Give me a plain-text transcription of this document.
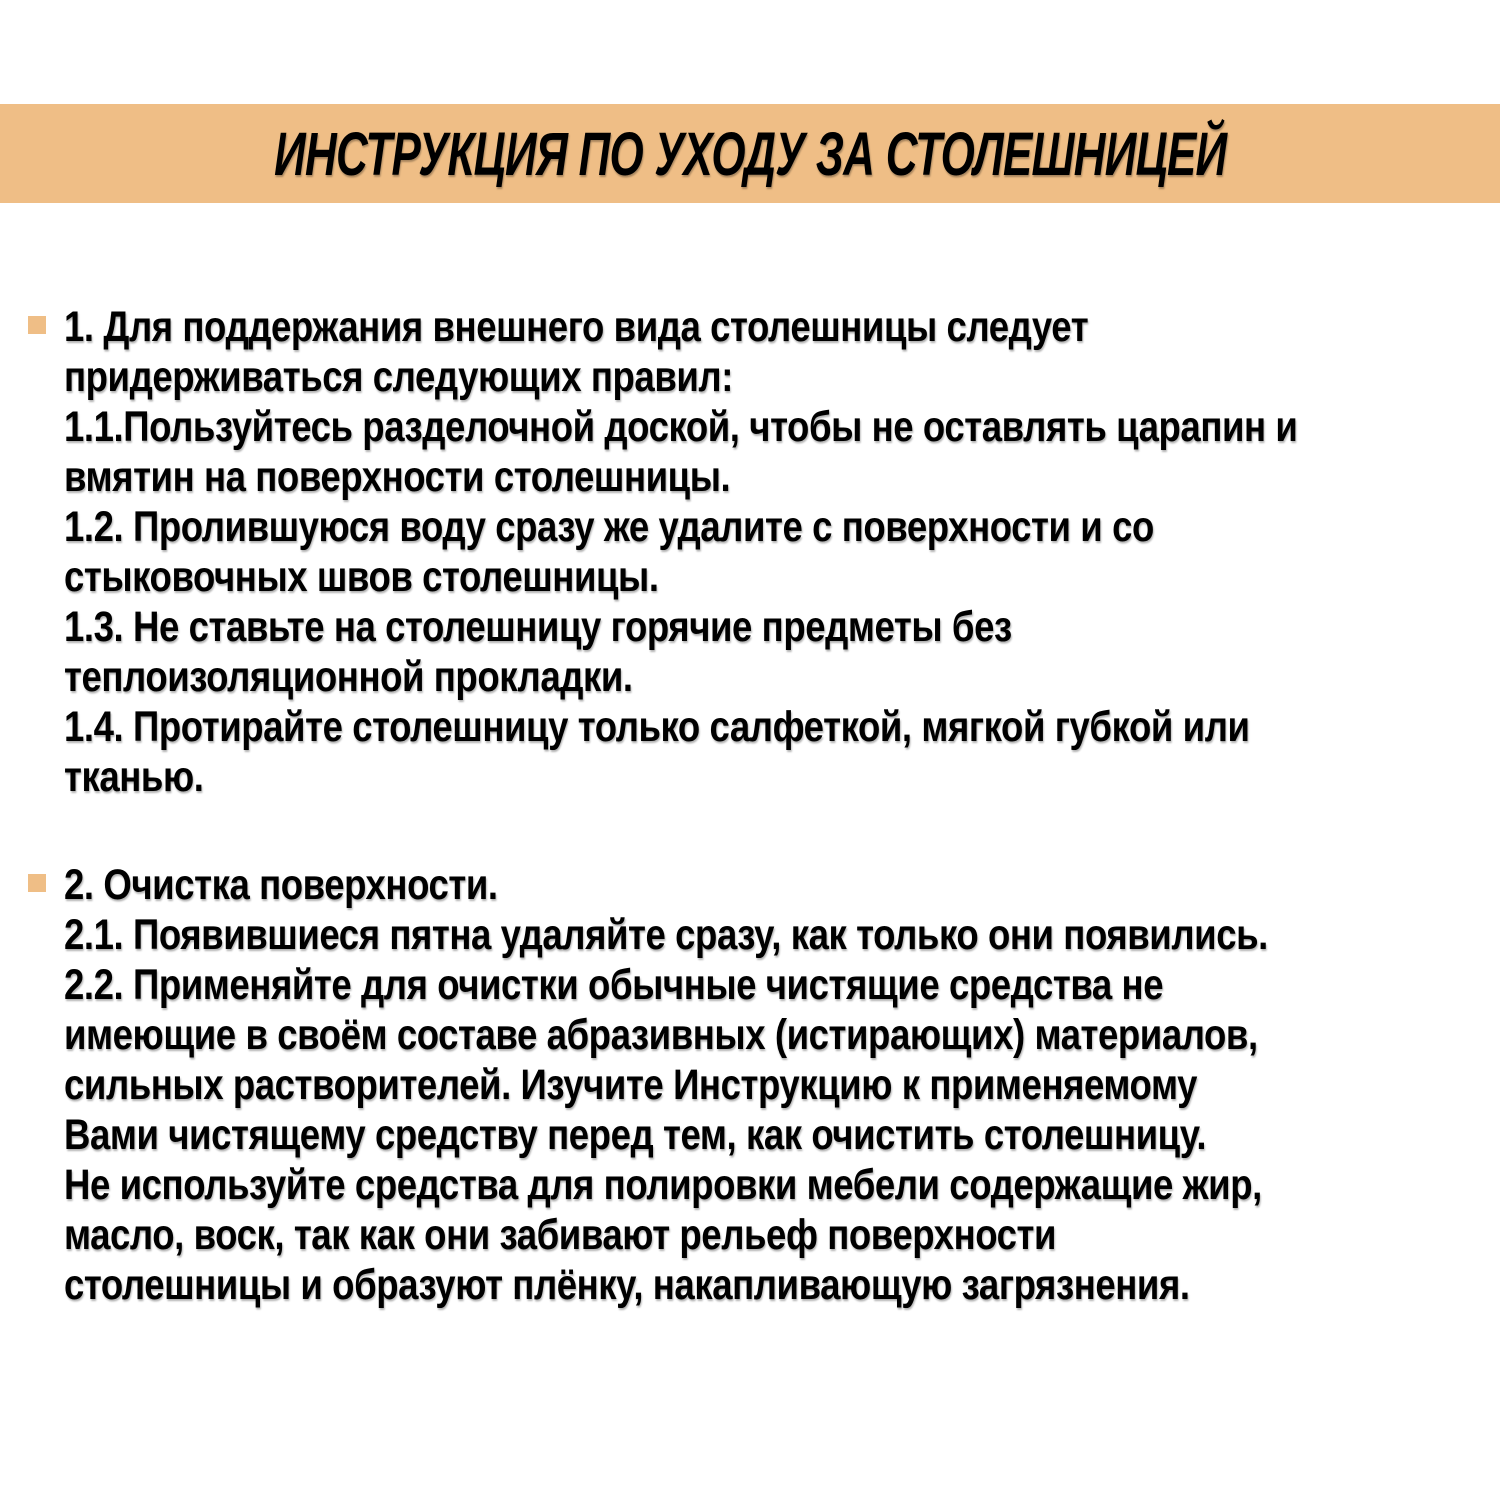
ИНСТРУКЦИЯ ПО УХОДУ ЗА СТОЛЕШНИЦЕЙ
1. Для поддержания внешнего вида столешницы следует
придерживаться следующих правил:
1.1.Пользуйтесь разделочной доской, чтобы не оставлять царапин и
вмятин на поверхности столешницы.
1.2. Пролившуюся воду сразу же удалите с поверхности и со
стыковочных швов столешницы.
1.3. Не ставьте на столешницу горячие предметы без
теплоизоляционной прокладки.
1.4. Протирайте столешницу только салфеткой, мягкой губкой или
тканью.
2. Очистка поверхности.
2.1. Появившиеся пятна удаляйте сразу, как только они появились.
2.2. Применяйте для очистки обычные чистящие средства не
имеющие в своём составе абразивных (истирающих) материалов,
сильных растворителей. Изучите Инструкцию к применяемому
Вами чистящему средству перед тем, как очистить столешницу.
Не используйте средства для полировки мебели содержащие жир,
масло, воск, так как они забивают рельеф поверхности
столешницы и образуют плёнку, накапливающую загрязнения.
